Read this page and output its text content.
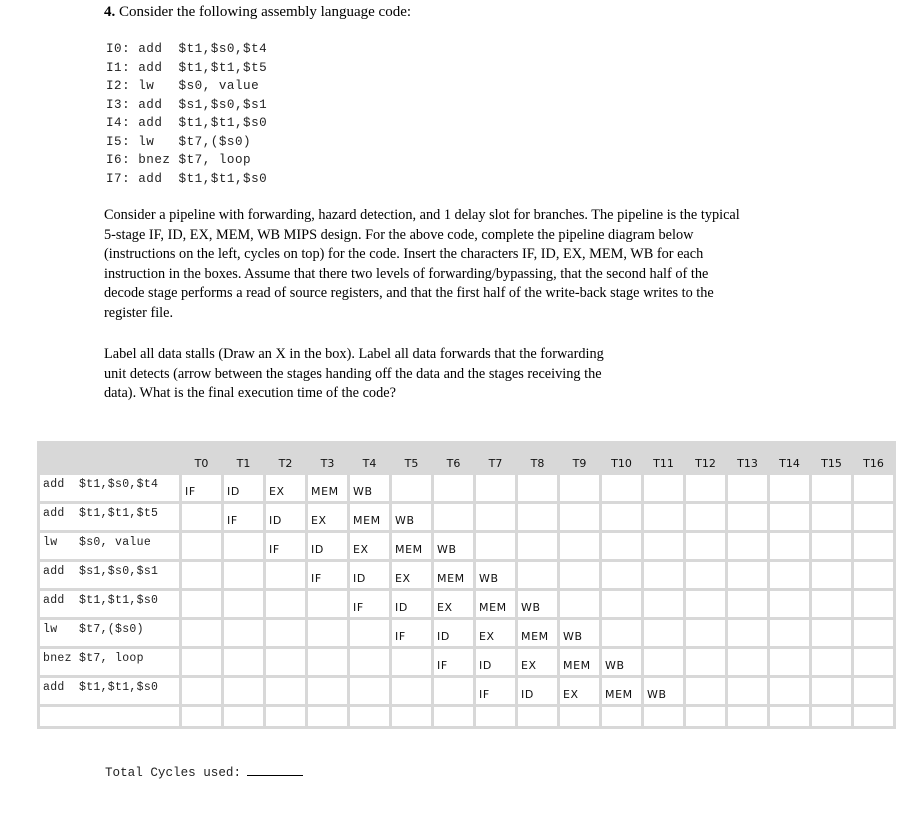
4. Consider the following assembly language code:
I0: add  $t1,$s0,$t4
I1: add  $t1,$t1,$t5
I2: lw   $s0, value
I3: add  $s1,$s0,$s1
I4: add  $t1,$t1,$s0
I5: lw   $t7,($s0)
I6: bnez $t7, loop
I7: add  $t1,$t1,$s0
Consider a pipeline with forwarding, hazard detection, and 1 delay slot for branches. The pipeline is the typical 5-stage IF, ID, EX, MEM, WB MIPS design. For the above code, complete the pipeline diagram below (instructions on the left, cycles on top) for the code. Insert the characters IF, ID, EX, MEM, WB for each instruction in the boxes. Assume that there two levels of forwarding/bypassing, that the second half of the decode stage performs a read of source registers, and that the first half of the write-back stage writes to the register file.
Label all data stalls (Draw an X in the box). Label all data forwards that the forwarding unit detects (arrow between the stages handing off the data and the stages receiving the data). What is the final execution time of the code?
	T0	T1	T2	T3	T4	T5	T6	T7	T8	T9	T10	T11	T12	T13	T14	T15	T16

add  $t1,$s0,$t4	IF	ID	EX	MEM	WB												

add  $t1,$t1,$t5		IF	ID	EX	MEM	WB											

lw   $s0, value			IF	ID	EX	MEM	WB										

add  $s1,$s0,$s1				IF	ID	EX	MEM	WB									

add  $t1,$t1,$s0					IF	ID	EX	MEM	WB								

lw   $t7,($s0)						IF	ID	EX	MEM	WB							

bnez $t7, loop							IF	ID	EX	MEM	WB						

add  $t1,$t1,$s0								IF	ID	EX	MEM	WB					

Total Cycles used:
